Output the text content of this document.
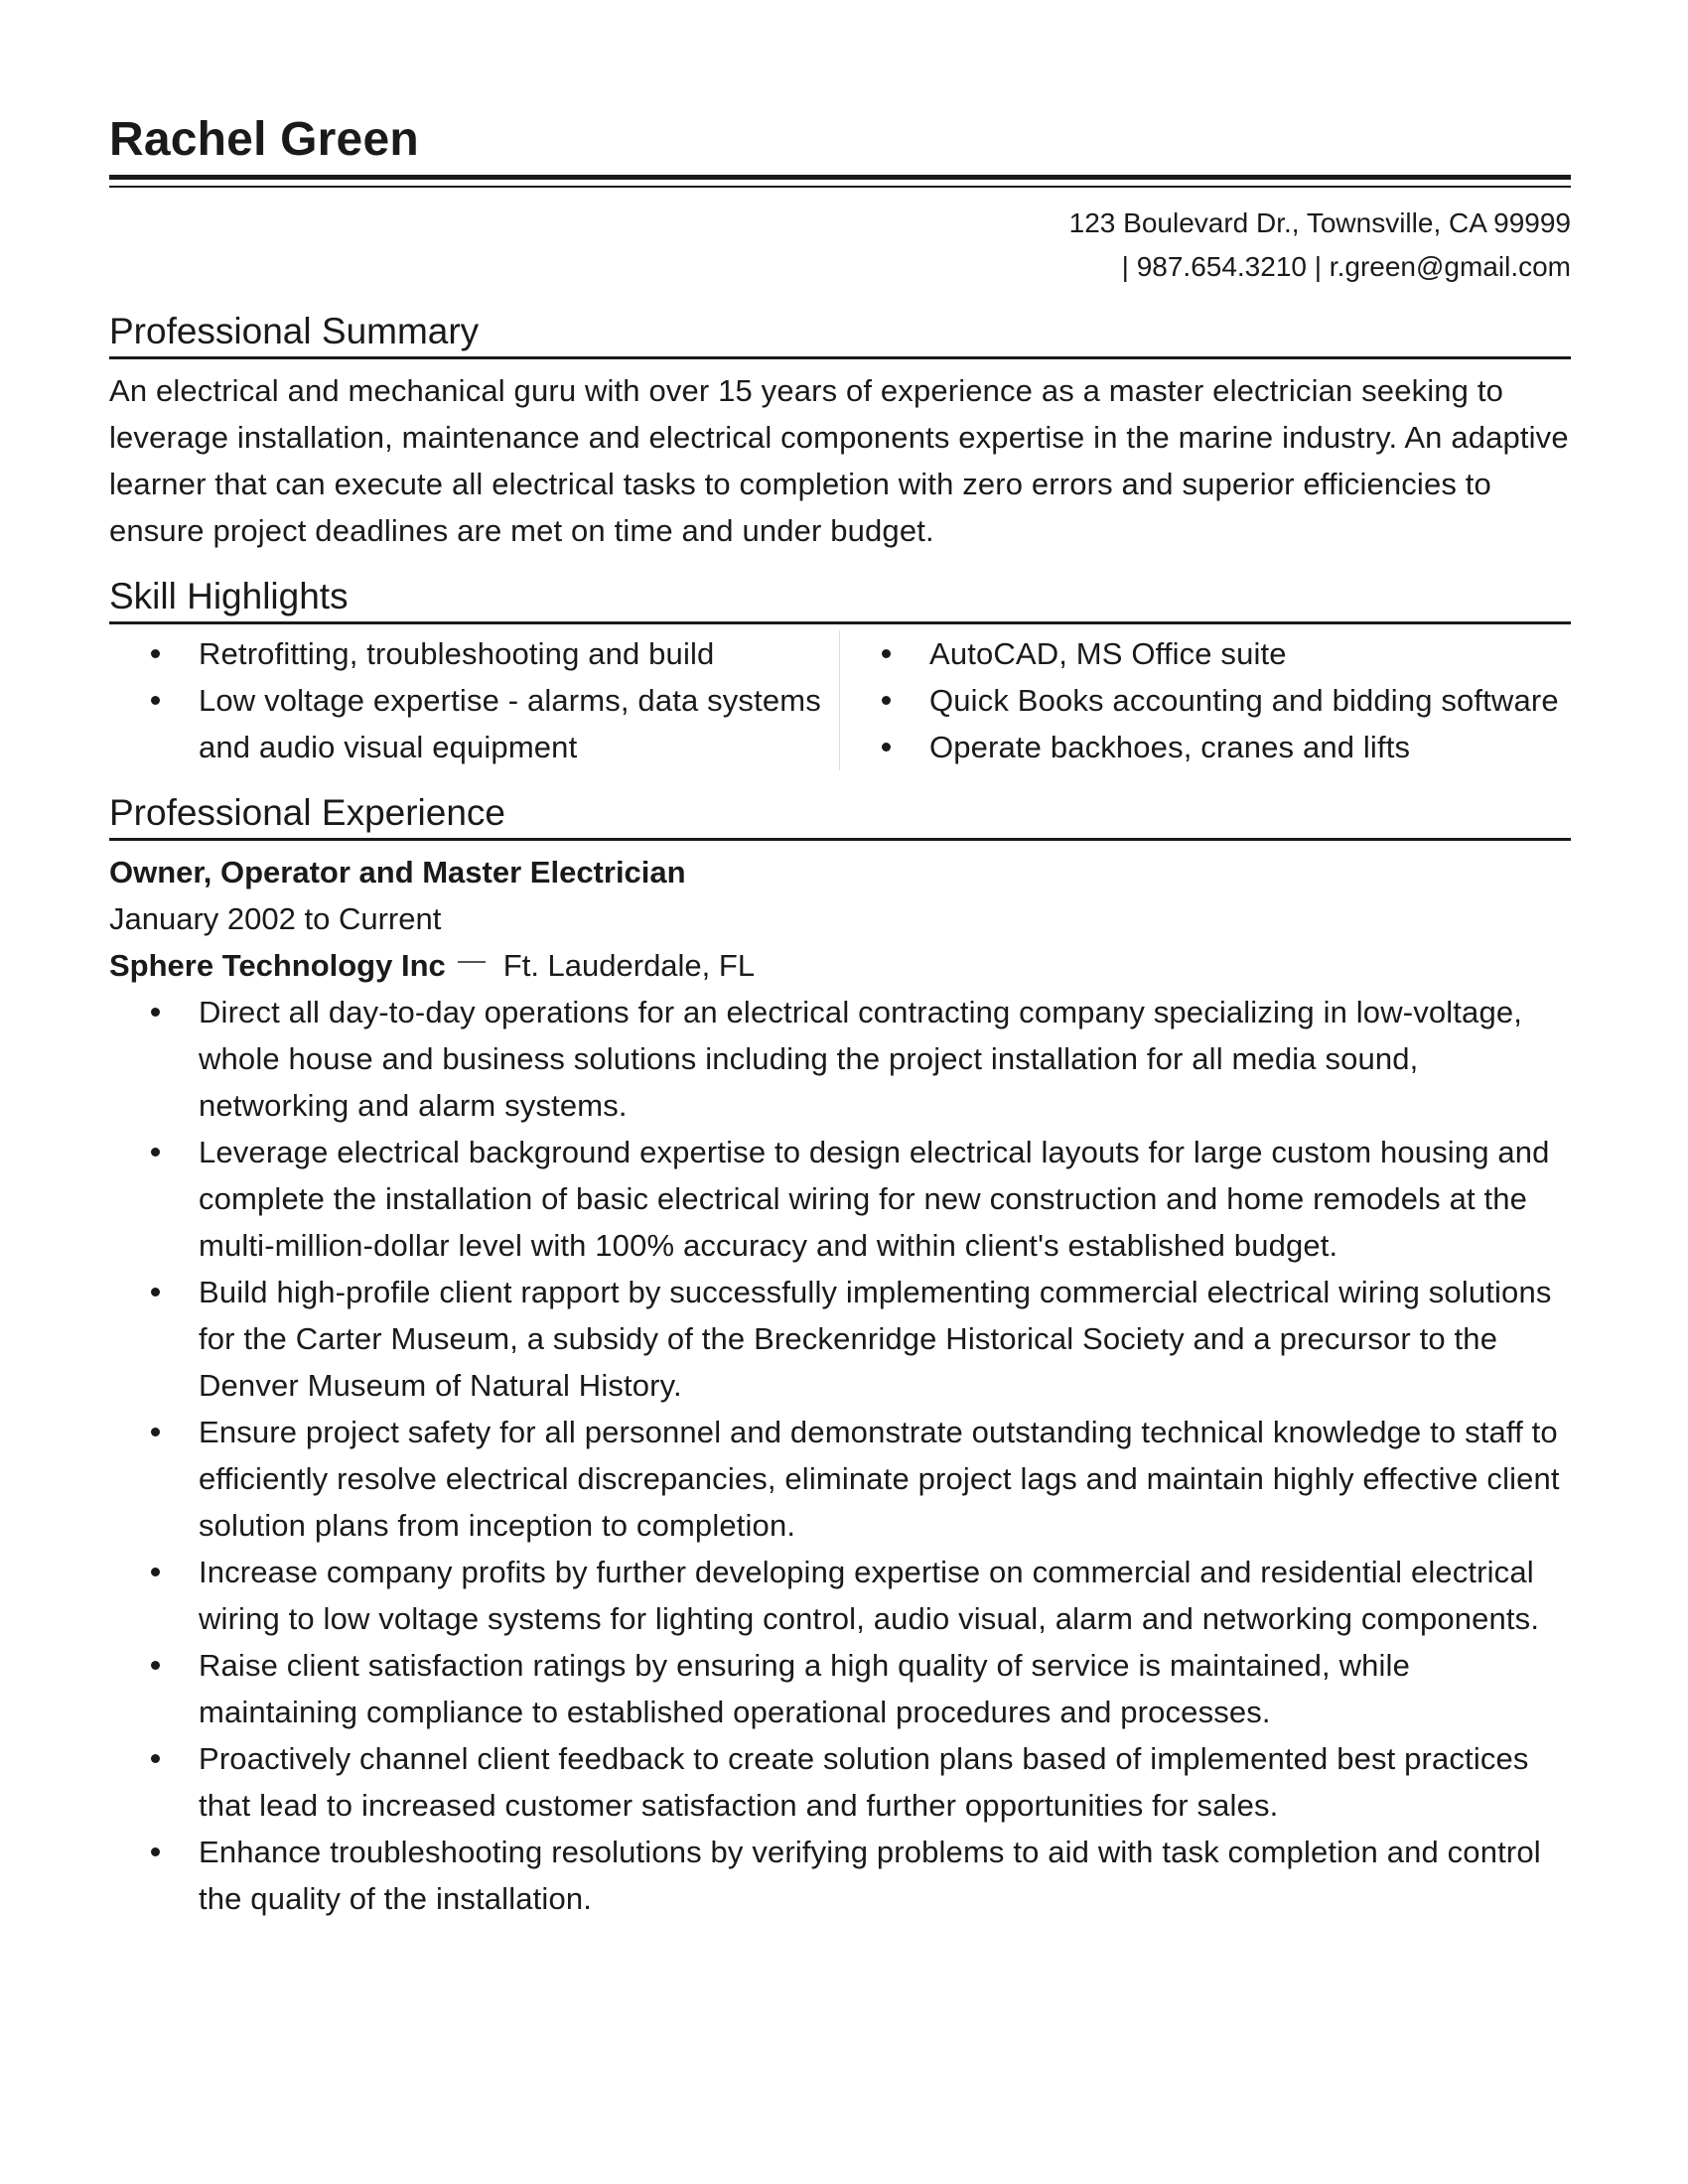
Rachel Green
123 Boulevard Dr., Townsville, CA 99999
| 987.654.3210 | r.green@gmail.com
Professional Summary
An electrical and mechanical guru with over 15 years of experience as a master electrician seeking to leverage installation, maintenance and electrical components expertise in the marine industry. An adaptive learner that can execute all electrical tasks to completion with zero errors and superior efficiencies to ensure project deadlines are met on time and under budget.
Skill Highlights
Retrofitting, troubleshooting and build
Low voltage expertise - alarms, data systems and audio visual equipment
AutoCAD, MS Office suite
Quick Books accounting and bidding software
Operate backhoes, cranes and lifts
Professional Experience
Owner, Operator and Master Electrician
January 2002 to Current
Sphere Technology Inc Ft. Lauderdale, FL
Direct all day-to-day operations for an electrical contracting company specializing in low-voltage, whole house and business solutions including the project installation for all media sound, networking and alarm systems.
Leverage electrical background expertise to design electrical layouts for large custom housing and complete the installation of basic electrical wiring for new construction and home remodels at the multi-million-dollar level with 100% accuracy and within client's established budget.
Build high-profile client rapport by successfully implementing commercial electrical wiring solutions for the Carter Museum, a subsidy of the Breckenridge Historical Society and a precursor to the Denver Museum of Natural History.
Ensure project safety for all personnel and demonstrate outstanding technical knowledge to staff to efficiently resolve electrical discrepancies, eliminate project lags and maintain highly effective client solution plans from inception to completion.
Increase company profits by further developing expertise on commercial and residential electrical wiring to low voltage systems for lighting control, audio visual, alarm and networking components.
Raise client satisfaction ratings by ensuring a high quality of service is maintained, while maintaining compliance to established operational procedures and processes.
Proactively channel client feedback to create solution plans based of implemented best practices that lead to increased customer satisfaction and further opportunities for sales.
Enhance troubleshooting resolutions by verifying problems to aid with task completion and control the quality of the installation.
